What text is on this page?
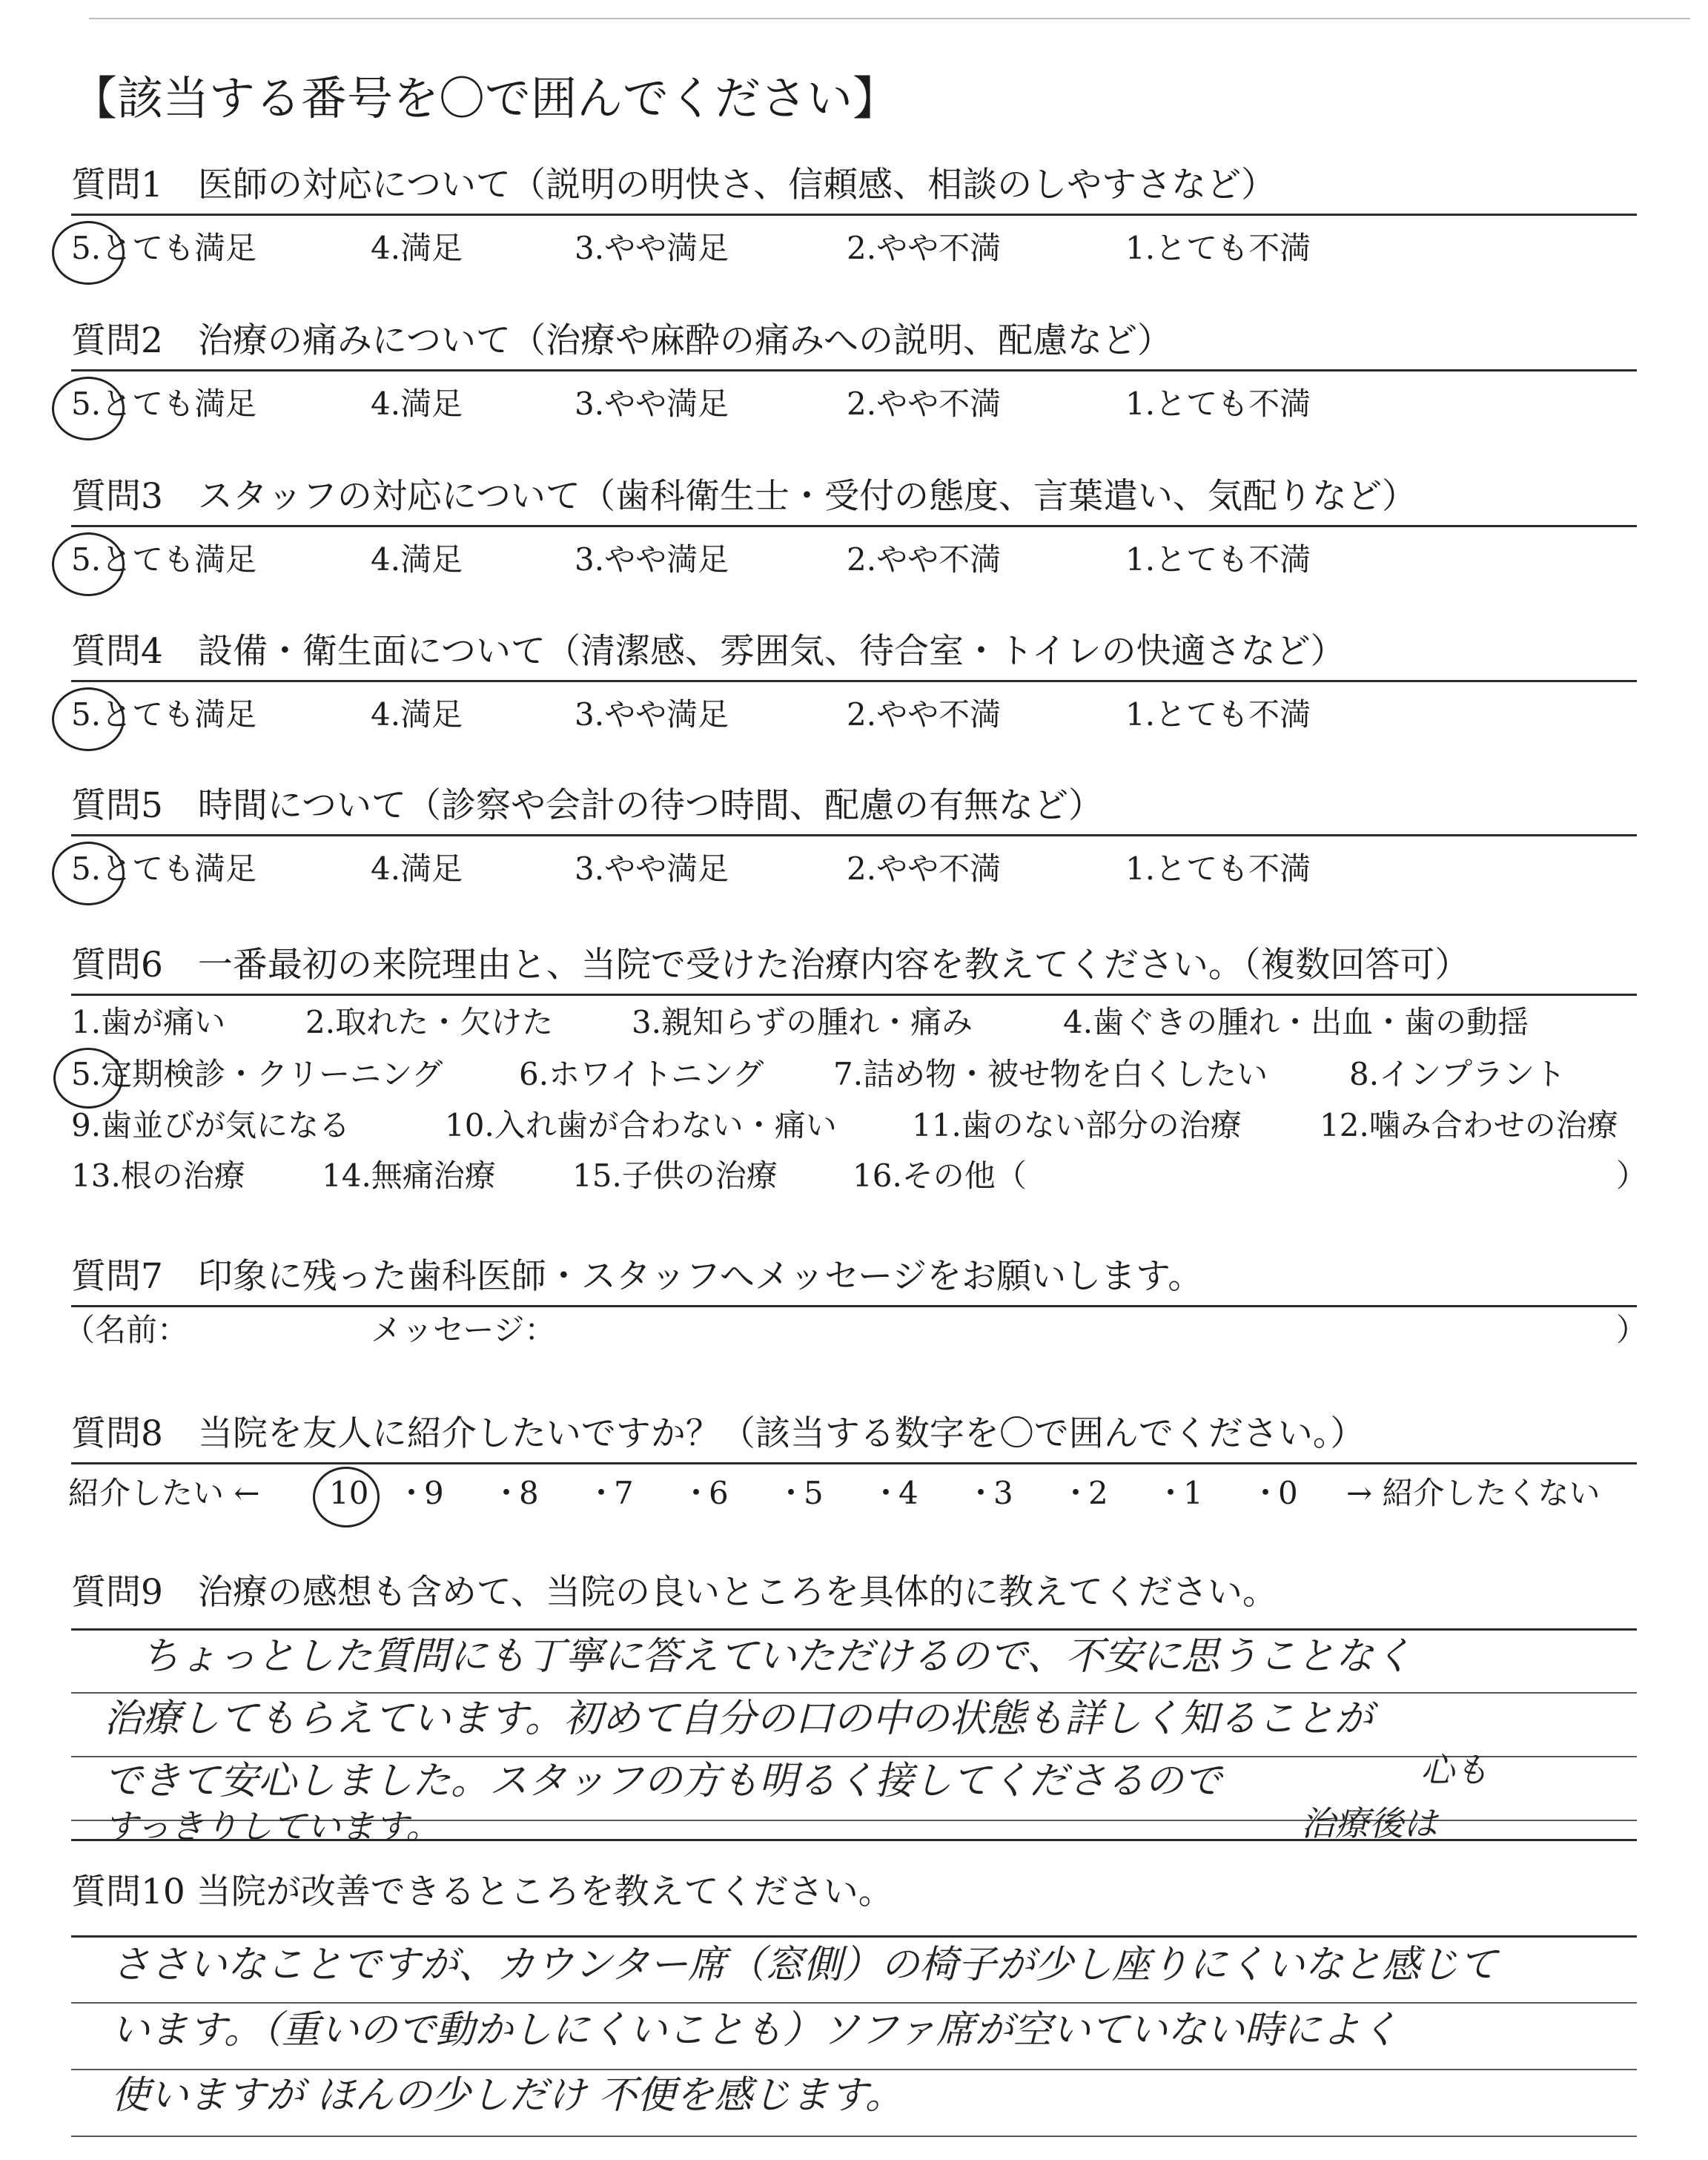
【該当する番号を〇で囲んでください】
質問6　一番最初の来院理由と、当院で受けた治療内容を教えてください。（複数回答可）
）
質問7　印象に残った歯科医師・スタッフへメッセージをお願いします。
（名前：	メッセージ：	）
質問8　当院を友人に紹介したいですか？（該当する数字を〇で囲んでください。）
紹介したい ←	→ 紹介したくない
質問9　治療の感想も含めて、当院の良いところを具体的に教えてください。
ちょっとした質問にも丁寧に答えていただけるので、不安に思うことなく
治療してもらえています。初めて自分の口の中の状態も詳しく知ることが
できて安心しました。スタッフの方も明るく接してくださるので	心も
すっきりしています。	治療後は
質問10 当院が改善できるところを教えてください。
ささいなことですが、カウンター席（窓側）の椅子が少し座りにくいなと感じて
います。（重いので動かしにくいことも）ソファ席が空いていない時によく
使いますが ほんの少しだけ 不便を感じます。
質問1　医師の対応について（説明の明快さ、信頼感、相談のしやすさなど）
5.とても満足	4.満足	3.やや満足	2.やや不満	1.とても不満
質問2　治療の痛みについて（治療や麻酔の痛みへの説明、配慮など）
5.とても満足	4.満足	3.やや満足	2.やや不満	1.とても不満
質問3　スタッフの対応について（歯科衛生士・受付の態度、言葉遣い、気配りなど）
5.とても満足	4.満足	3.やや満足	2.やや不満	1.とても不満
質問4　設備・衛生面について（清潔感、雰囲気、待合室・トイレの快適さなど）
5.とても満足	4.満足	3.やや満足	2.やや不満	1.とても不満
質問5　時間について（診察や会計の待つ時間、配慮の有無など）
5.とても満足	4.満足	3.やや満足	2.やや不満	1.とても不満
1.歯が痛い	2.取れた・欠けた	3.親知らずの腫れ・痛み	4.歯ぐきの腫れ・出血・歯の動揺
5.定期検診・クリーニング 6.ホワイトニング 7.詰め物・被せ物を白くしたい	8.インプラント
9.歯並びが気になる	10.入れ歯が合わない・痛い 11.歯のない部分の治療	12.噛み合わせの治療
13.根の治療 14.無痛治療 15.子供の治療 16.その他（
10 ・
9 ・
8 ・
7 ・
6 ・
5 ・
4 ・
3 ・
2 ・
1 ・
0
